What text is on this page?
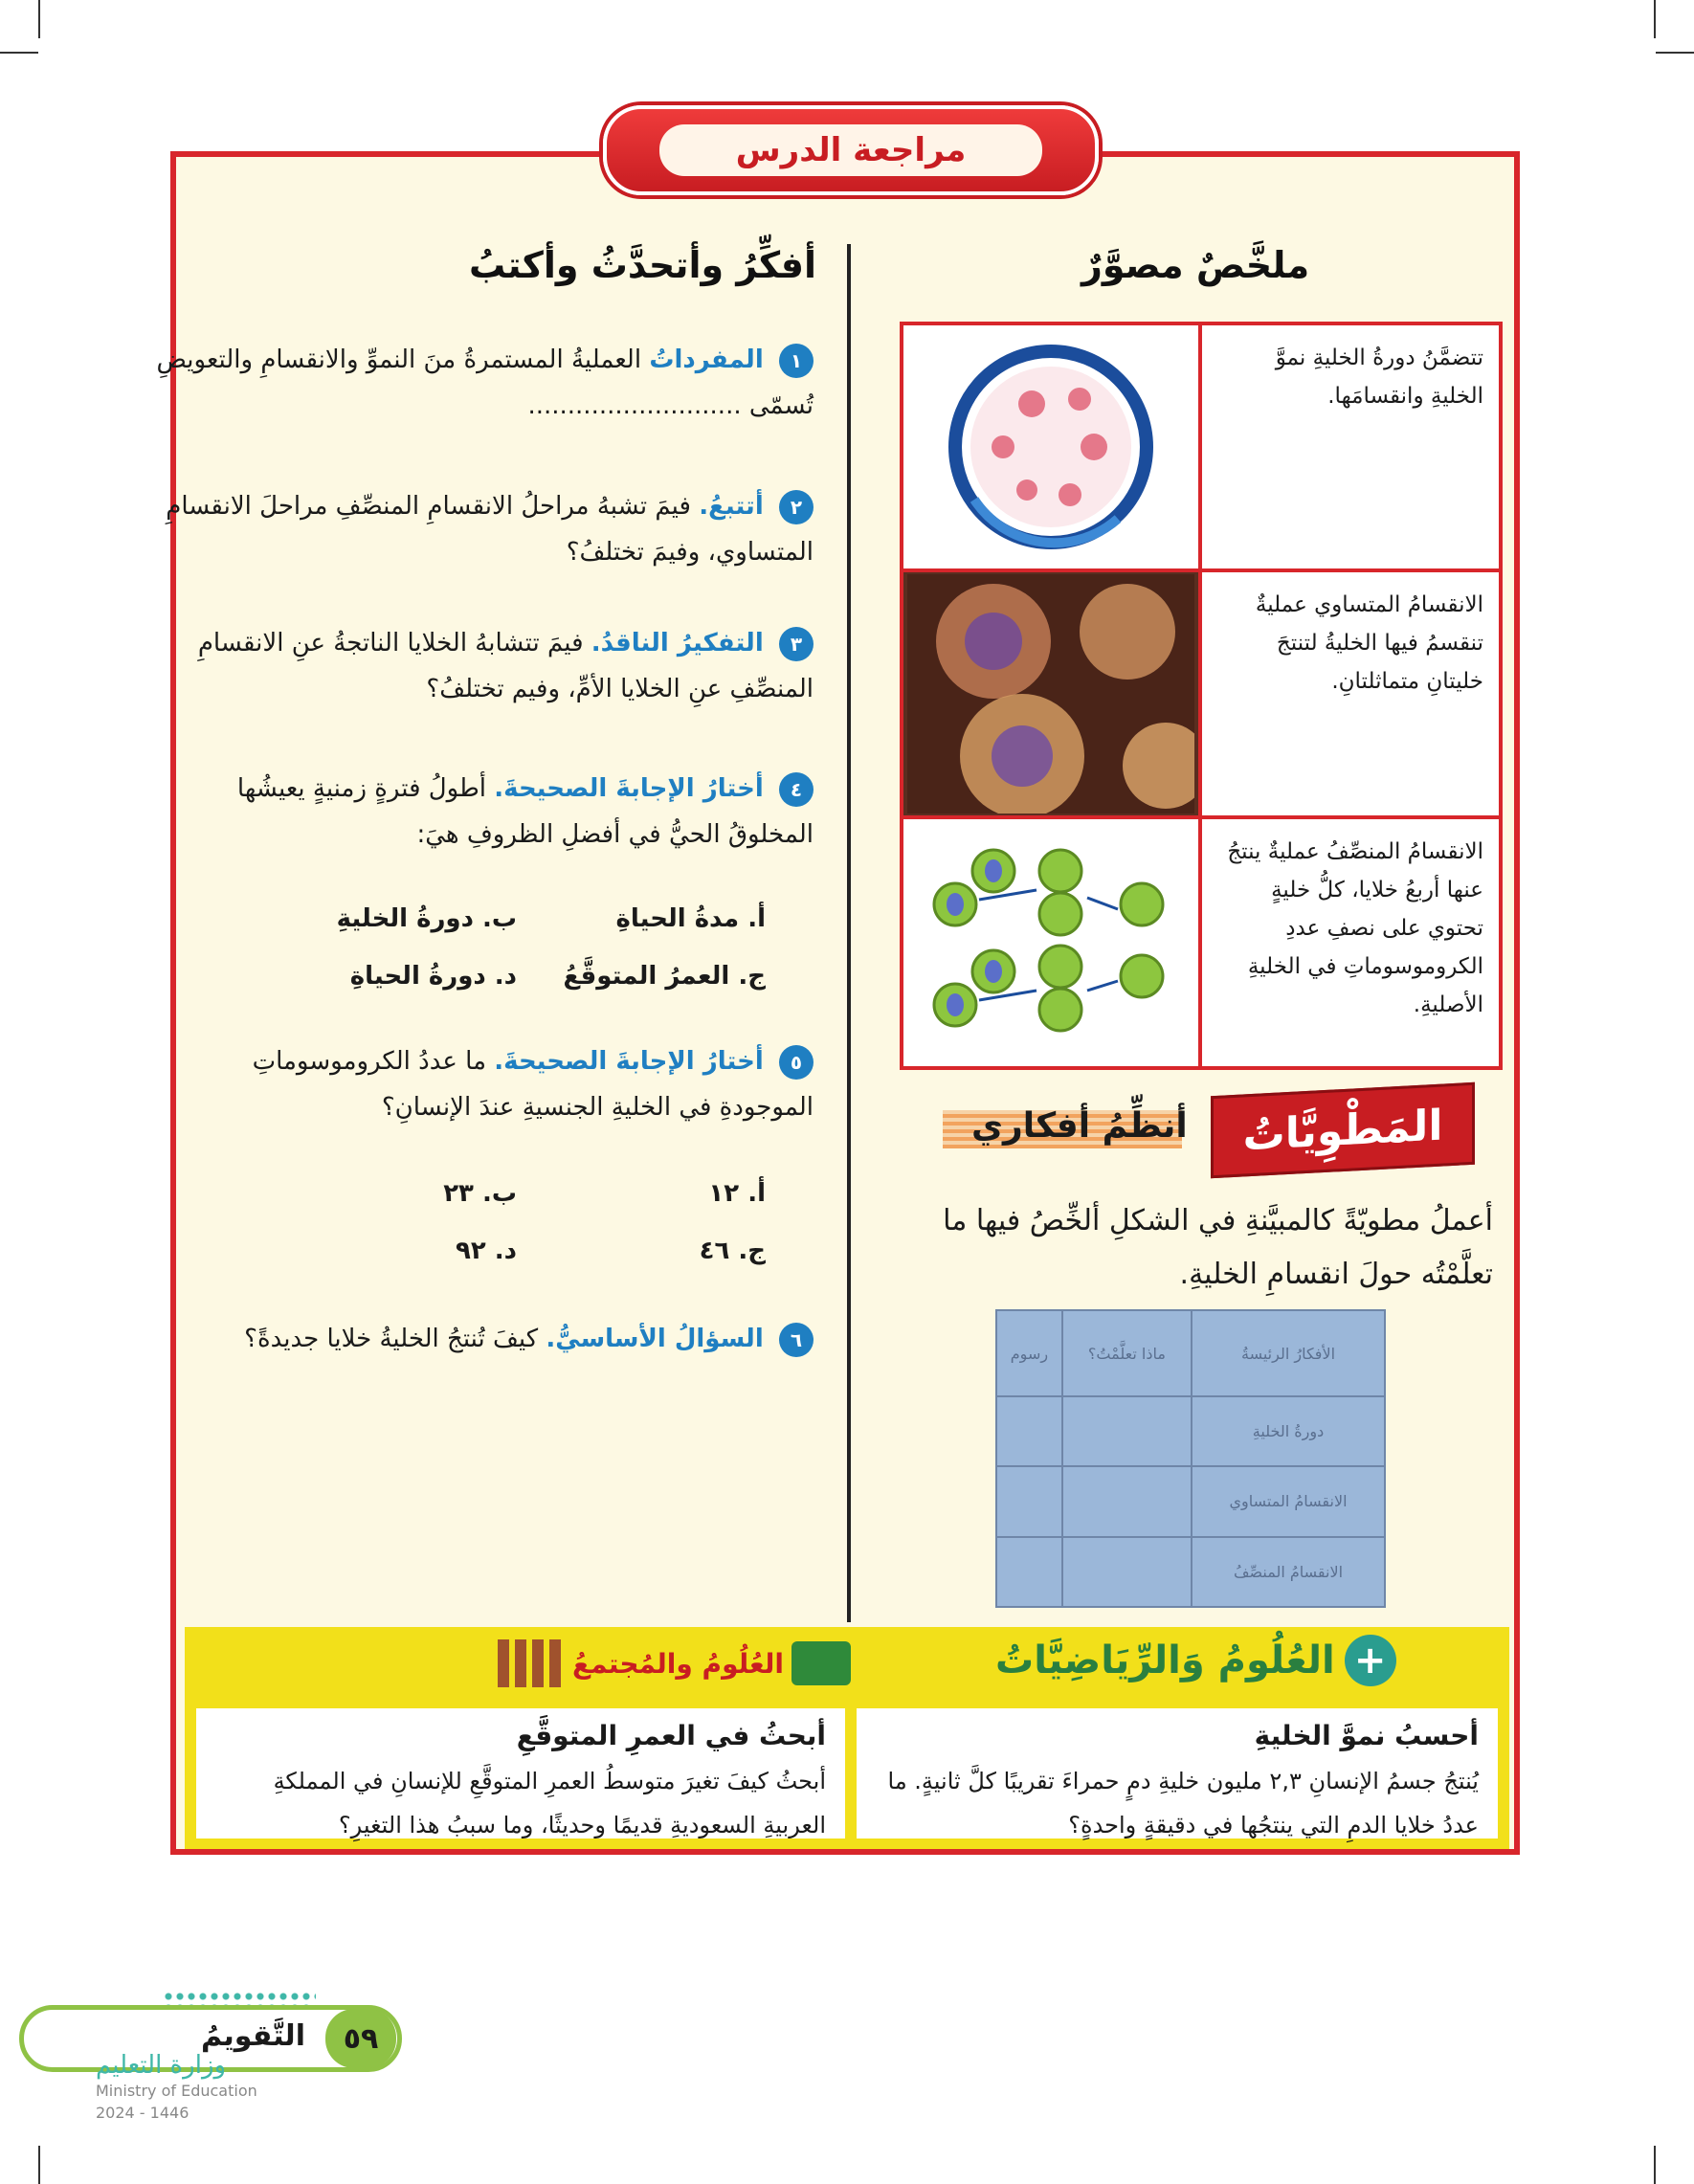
مراجعة الدرس
ملخَّصٌ مصوَّرٌ
تتضمَّنُ دورةُ الخليةِ نموَّ الخليةِ وانقسامَها.
الانقسامُ المتساوي عمليةٌ تنقسمُ فيها الخليةُ لتنتجَ خليتانِ متماثلتانِ.
الانقسامُ المنصِّفُ عمليةٌ ينتجُ عنها أربعُ خلايا، كلُّ خليةٍ تحتوي على نصفِ عددِ الكروموسوماتِ في الخليةِ الأصليةِ.
أنظِّمُ أفكاري	المَطْوِيَّاتُ
أعملُ مطويّةً كالمبيَّنةِ في الشكلِ ألخِّصُ فيها ما تعلَّمْتُه حولَ انقسامِ الخليةِ.
رسوم	ماذا تعلَّمْتُ؟	الأفكارُ الرئيسةُ
		دورةُ الخليةِ
		الانقسامُ المتساوي
		الانقسامُ المنصِّفُ
أفكِّرُ وأتحدَّثُ وأكتبُ
١ المفرداتُ العمليةُ المستمرةُ منَ النموِّ والانقسامِ والتعويضِ تُسمّى ...........................
٢ أتتبعُ. فيمَ تشبهُ مراحلُ الانقسامِ المنصِّفِ مراحلَ الانقسامِ المتساوي، وفيمَ تختلفُ؟
٣ التفكيرُ الناقدُ. فيمَ تتشابهُ الخلايا الناتجةُ عنِ الانقسامِ المنصِّفِ عنِ الخلايا الأمِّ، وفيم تختلفُ؟
٤ أختارُ الإجابةَ الصحيحةَ. أطولُ فترةٍ زمنيةٍ يعيشُها المخلوقُ الحيُّ في أفضلِ الظروفِ هيَ:
أ. مدةُ الحياةِ
ب. دورةُ الخليةِ
ج. العمرُ المتوقَّعُ
د. دورةُ الحياةِ
٥ أختارُ الإجابةَ الصحيحةَ. ما عددُ الكروموسوماتِ الموجودةِ في الخليةِ الجنسيةِ عندَ الإنسانِ؟
أ. ١٢
ب. ٢٣
ج. ٤٦
د. ٩٢
٦ السؤالُ الأساسيُّ. كيفَ تُنتجُ الخليةُ خلايا جديدةً؟
+
العُلُومُ وَالرِّيَاضِيَّاتُ
العُلُومُ والمُجتمعُ
أحسبُ نموَّ الخليةِ

يُنتجُ جسمُ الإنسانِ ٢,٣ مليون خليةِ دمٍ حمراءَ تقريبًا كلَّ ثانيةٍ. ما عددُ خلايا الدمِ التي ينتجُها في دقيقةٍ واحدةٍ؟

أبحثُ في العمرِ المتوقَّعِ

أبحثُ كيفَ تغيرَ متوسطُ العمرِ المتوقَّعِ للإنسانِ في المملكةِ العربيةِ السعوديةِ قديمًا وحديثًا، وما سببُ هذا التغيرِ؟

٥٩
التَّقويمُ
وزارة التعليم
Ministry of Education
2024 - 1446
